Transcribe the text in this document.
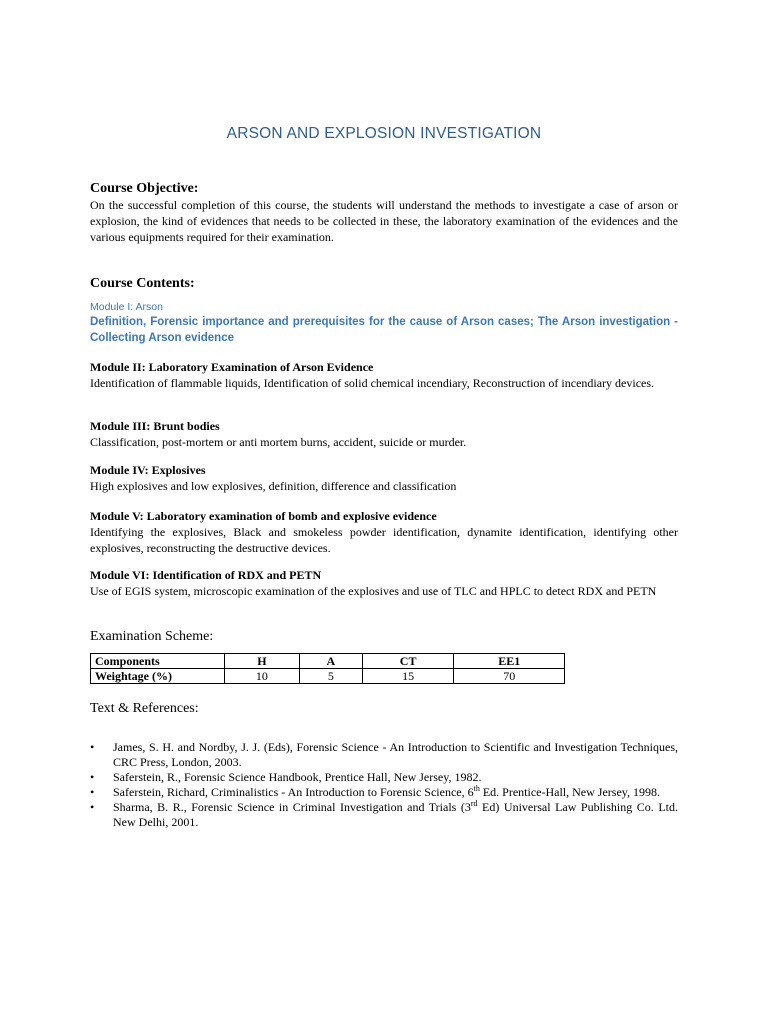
ARSON AND EXPLOSION INVESTIGATION
Course Objective:
On the successful completion of this course, the students will understand the methods to investigate a case of arson or explosion, the kind of evidences that needs to be collected in these, the laboratory examination of the evidences and the various equipments required for their examination.
Course Contents:
Module I: Arson
Definition, Forensic importance and prerequisites for the cause of Arson cases; The Arson investigation - Collecting Arson evidence
Module II: Laboratory Examination of Arson Evidence
Identification of flammable liquids, Identification of solid chemical incendiary, Reconstruction of incendiary devices.
Module III: Brunt bodies
Classification, post-mortem or anti mortem burns, accident, suicide or murder.
Module IV: Explosives
High explosives and low explosives, definition, difference and classification
Module V: Laboratory examination of bomb and explosive evidence
Identifying the explosives, Black and smokeless powder identification, dynamite identification, identifying other explosives, reconstructing the destructive devices.
Module VI: Identification of RDX and PETN
Use of EGIS system, microscopic examination of the explosives and use of TLC and HPLC to detect RDX and PETN
Examination Scheme:
Components	H	A	CT	EE1
Weightage (%)	10	5	15	70
Text & References:
• James, S. H. and Nordby, J. J. (Eds), Forensic Science - An Introduction to Scientific and Investigation Techniques, CRC Press, London, 2003.
• Saferstein, R., Forensic Science Handbook, Prentice Hall, New Jersey, 1982.
• Saferstein, Richard, Criminalistics - An Introduction to Forensic Science, 6th Ed. Prentice-Hall, New Jersey, 1998.
• Sharma, B. R., Forensic Science in Criminal Investigation and Trials (3rd Ed) Universal Law Publishing Co. Ltd. New Delhi, 2001.
